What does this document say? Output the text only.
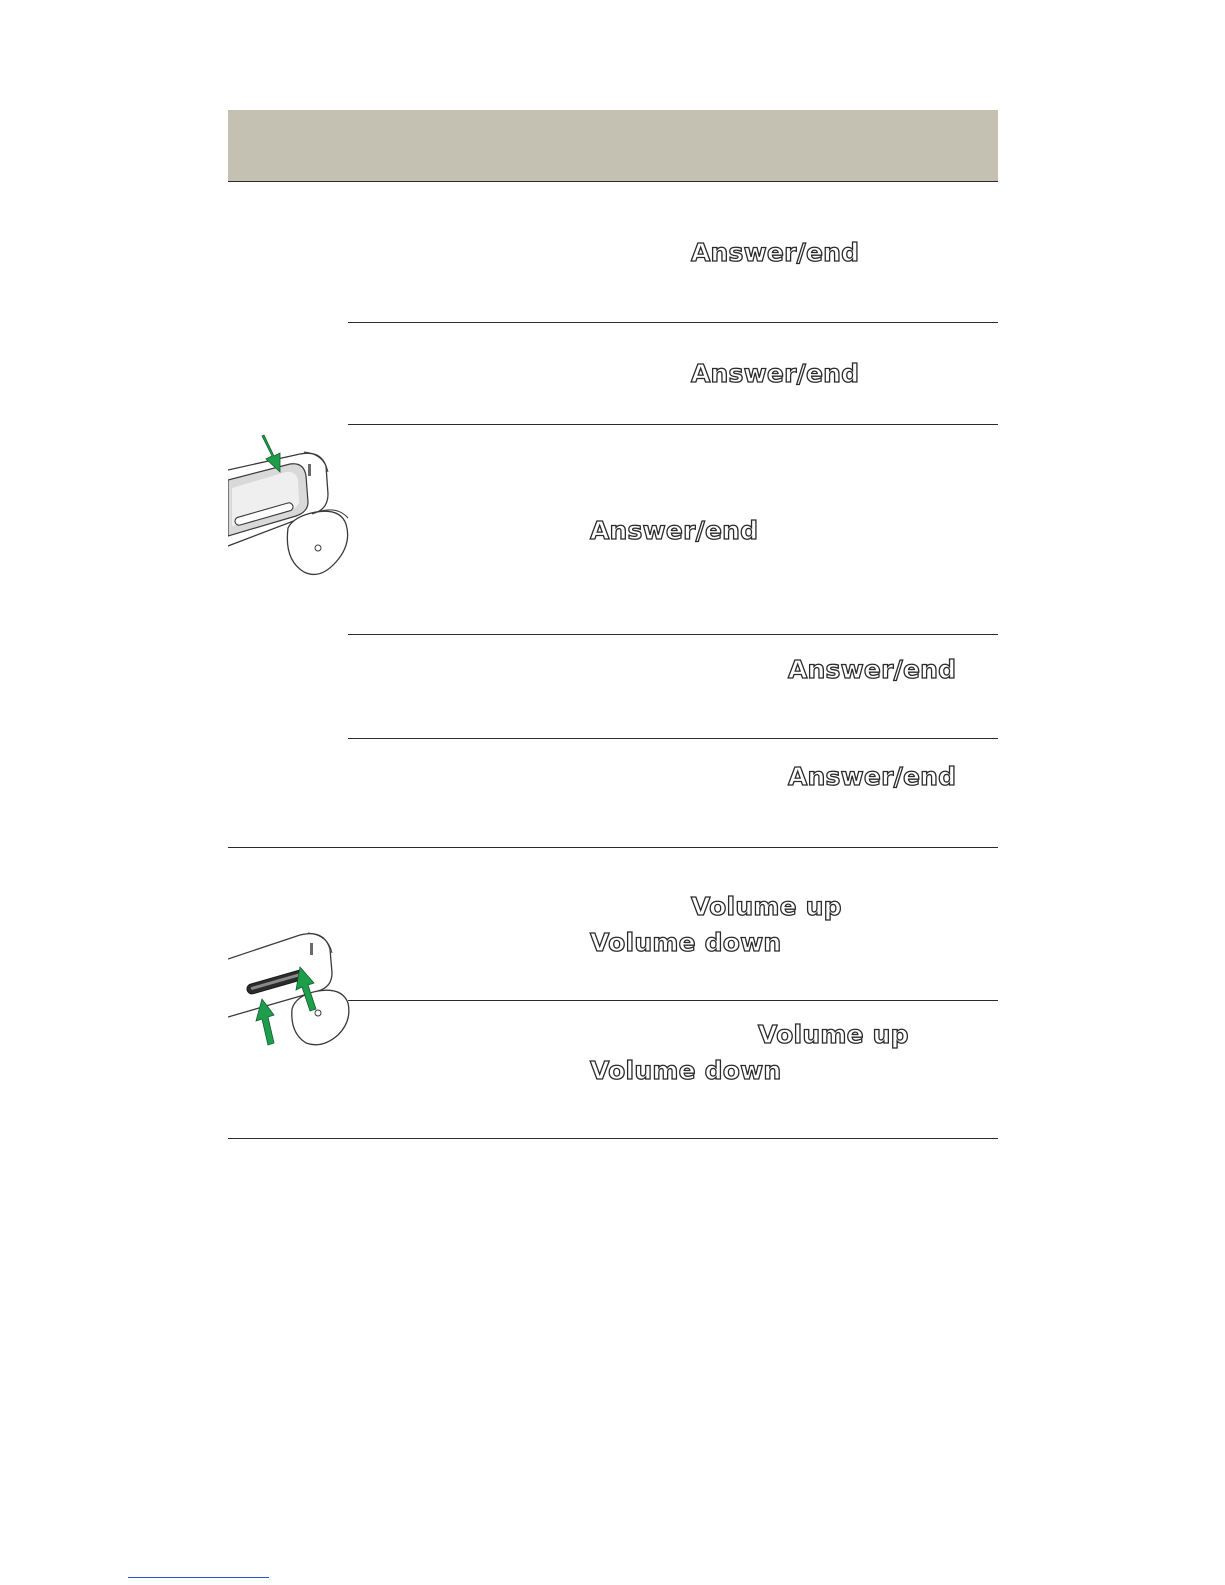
Answer/end
Answer/end
Answer/end
Answer/end
Answer/end
Volume up
Volume down
Volume up
Volume down
